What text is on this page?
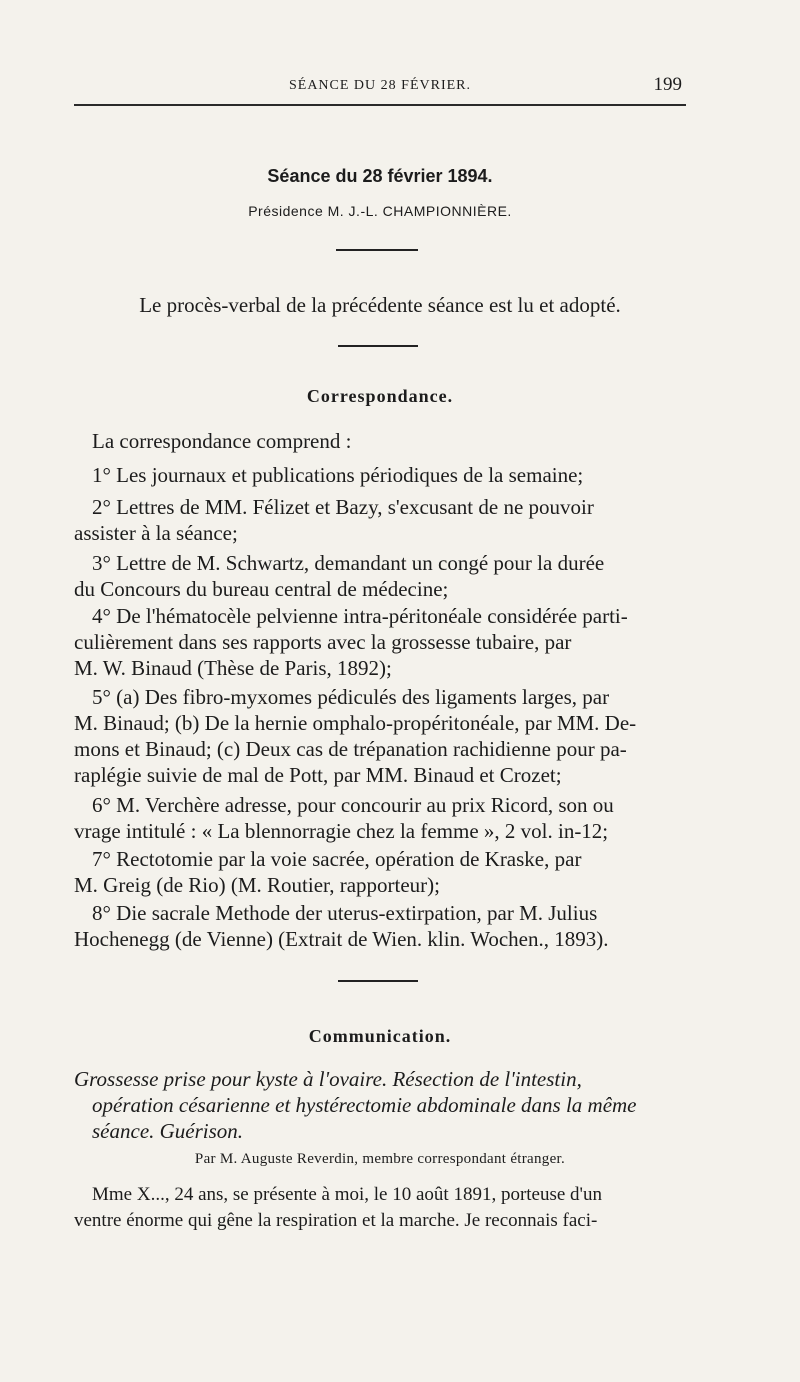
SÉANCE DU 28 FÉVRIER.	199
Séance du 28 février 1894.
Présidence M. J.-L. CHAMPIONNIÈRE.
Le procès-verbal de la précédente séance est lu et adopté.
Correspondance.
La correspondance comprend :
1° Les journaux et publications périodiques de la semaine;
2° Lettres de MM. Félizet et Bazy, s'excusant de ne pouvoir
assister à la séance;
3° Lettre de M. Schwartz, demandant un congé pour la durée
du Concours du bureau central de médecine;
4° De l'hématocèle pelvienne intra-péritonéale considérée parti-
culièrement dans ses rapports avec la grossesse tubaire, par
M. W. Binaud (Thèse de Paris, 1892);
5° (a) Des fibro-myxomes pédiculés des ligaments larges, par
M. Binaud; (b) De la hernie omphalo-propéritonéale, par MM. De-
mons et Binaud; (c) Deux cas de trépanation rachidienne pour pa-
raplégie suivie de mal de Pott, par MM. Binaud et Crozet;
6° M. Verchère adresse, pour concourir au prix Ricord, son ou
vrage intitulé : « La blennorragie chez la femme », 2 vol. in-12;
7° Rectotomie par la voie sacrée, opération de Kraske, par
M. Greig (de Rio) (M. Routier, rapporteur);
8° Die sacrale Methode der uterus-extirpation, par M. Julius
Hochenegg (de Vienne) (Extrait de Wien. klin. Wochen., 1893).
Communication.
Grossesse prise pour kyste à l'ovaire. Résection de l'intestin,
opération césarienne et hystérectomie abdominale dans la même
séance. Guérison.
Par M. Auguste Reverdin, membre correspondant étranger.
Mme X..., 24 ans, se présente à moi, le 10 août 1891, porteuse d'un
ventre énorme qui gêne la respiration et la marche. Je reconnais faci-
